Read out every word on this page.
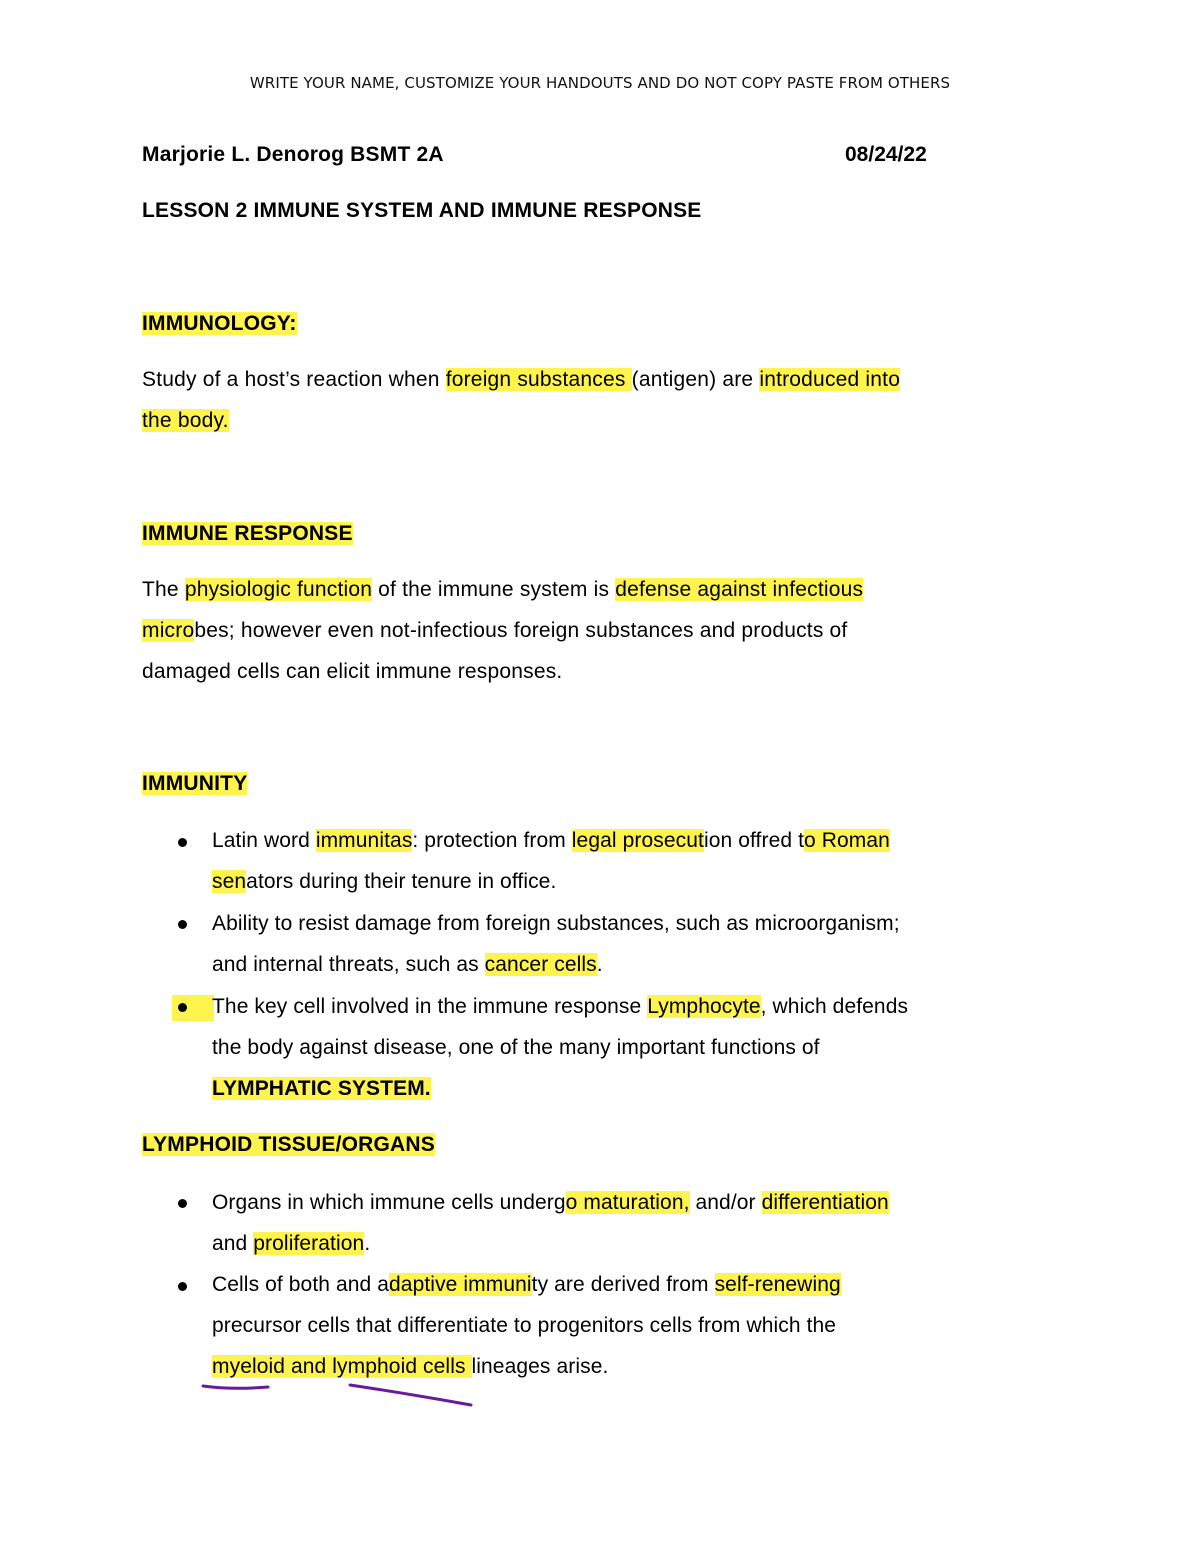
WRITE YOUR NAME, CUSTOMIZE YOUR HANDOUTS AND DO NOT COPY PASTE FROM OTHERS
Marjorie L. Denorog BSMT 2A	08/24/22
LESSON 2 IMMUNE SYSTEM AND IMMUNE RESPONSE
IMMUNOLOGY:
Study of a host’s reaction when foreign substances (antigen) are introduced into
the body.
IMMUNE RESPONSE
The physiologic function of the immune system is defense against infectious
microbes; however even not-infectious foreign substances and products of
damaged cells can elicit immune responses.
IMMUNITY
Latin word immunitas: protection from legal prosecution offred to Roman
senators during their tenure in office.
Ability to resist damage from foreign substances, such as microorganism;
and internal threats, such as cancer cells.
The key cell involved in the immune response Lymphocyte, which defends
the body against disease, one of the many important functions of
LYMPHATIC SYSTEM.
LYMPHOID TISSUE/ORGANS
Organs in which immune cells undergo maturation, and/or differentiation
and proliferation.
Cells of both and adaptive immunity are derived from self-renewing
precursor cells that differentiate to progenitors cells from which the
myeloid and lymphoid cells lineages arise.
